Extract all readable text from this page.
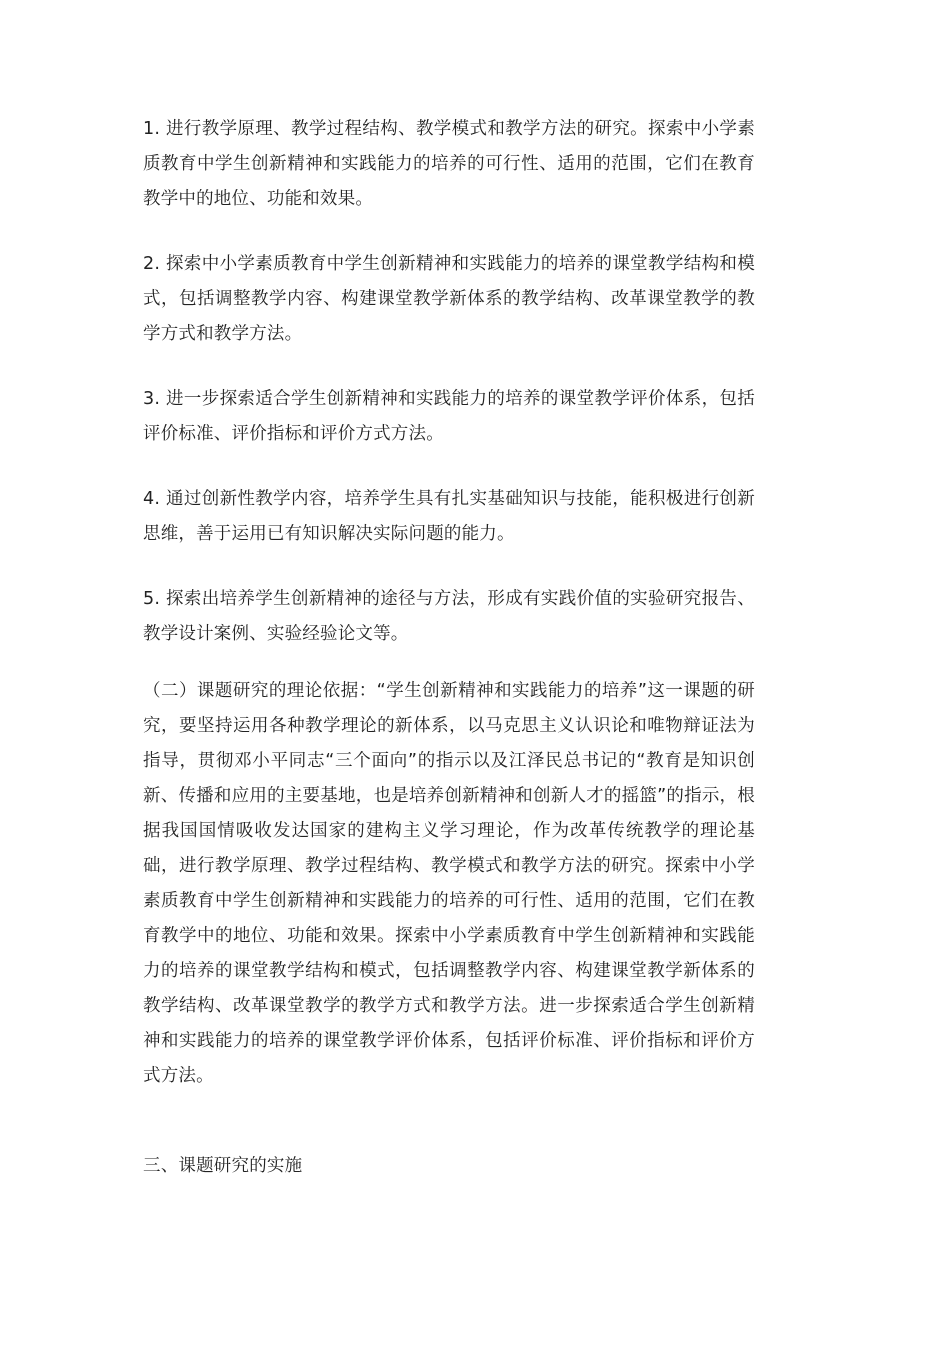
1. 进行教学原理、教学过程结构、教学模式和教学方法的研究。探索中小学素质教育中学生创新精神和实践能力的培养的可行性、适用的范围，它们在教育教学中的地位、功能和效果。

2. 探索中小学素质教育中学生创新精神和实践能力的培养的课堂教学结构和模式，包括调整教学内容、构建课堂教学新体系的教学结构、改革课堂教学的教学方式和教学方法。

3. 进一步探索适合学生创新精神和实践能力的培养的课堂教学评价体系，包括评价标准、评价指标和评价方式方法。

4. 通过创新性教学内容，培养学生具有扎实基础知识与技能，能积极进行创新思维，善于运用已有知识解决实际问题的能力。

5. 探索出培养学生创新精神的途径与方法，形成有实践价值的实验研究报告、教学设计案例、实验经验论文等。

（二）课题研究的理论依据：“学生创新精神和实践能力的培养”这一课题的研究，要坚持运用各种教学理论的新体系，以马克思主义认识论和唯物辩证法为指导，贯彻邓小平同志“三个面向”的指示以及江泽民总书记的“教育是知识创新、传播和应用的主要基地，也是培养创新精神和创新人才的摇篮”的指示，根据我国国情吸收发达国家的建构主义学习理论，作为改革传统教学的理论基础，进行教学原理、教学过程结构、教学模式和教学方法的研究。探索中小学素质教育中学生创新精神和实践能力的培养的可行性、适用的范围，它们在教育教学中的地位、功能和效果。探索中小学素质教育中学生创新精神和实践能力的培养的课堂教学结构和模式，包括调整教学内容、构建课堂教学新体系的教学结构、改革课堂教学的教学方式和教学方法。进一步探索适合学生创新精神和实践能力的培养的课堂教学评价体系，包括评价标准、评价指标和评价方式方法。

三、课题研究的实施
